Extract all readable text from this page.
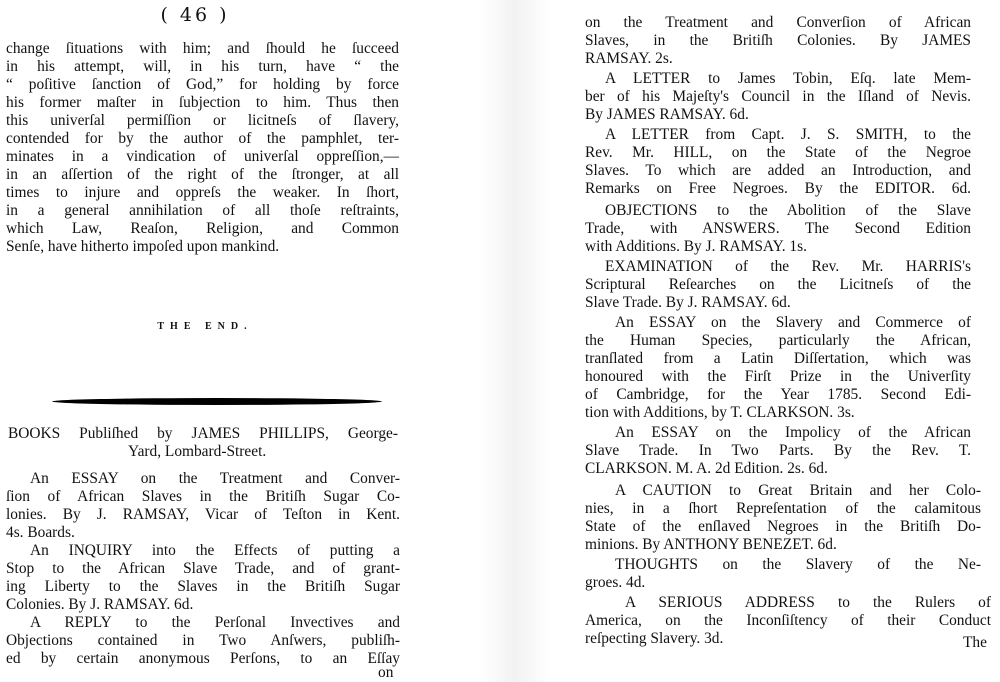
( 46 )
change ſituations with him; and ſhould he ſucceed
in his attempt, will, in his turn, have “ the
“ poſitive ſanction of God,” for holding by force
his former maſter in ſubjection to him. Thus then
this univerſal permiſſion or licitneſs of ſlavery,
contended for by the author of the pamphlet, ter-
minates in a vindication of univerſal oppreſſion,—
in an aſſertion of the right of the ſtronger, at all
times to injure and oppreſs the weaker. In ſhort,
in a general annihilation of all thoſe reſtraints,
which Law, Reaſon, Religion, and Common
Senſe, have hitherto impoſed upon mankind.
THE END.
BOOKS Publiſhed by JAMES PHILLIPS, George-
Yard, Lombard-Street.
An ESSAY on the Treatment and Conver-
ſion of African Slaves in the Britiſh Sugar Co-
lonies. By J. RAMSAY, Vicar of Teſton in Kent.
4s. Boards.
An INQUIRY into the Effects of putting a
Stop to the African Slave Trade, and of grant-
ing Liberty to the Slaves in the Britiſh Sugar
Colonies. By J. RAMSAY. 6d.
A REPLY to the Perſonal Invectives and
Objections contained in Two Anſwers, publiſh-
ed by certain anonymous Perſons, to an Eſſay
on
on the Treatment and Converſion of African
Slaves, in the Britiſh Colonies. By JAMES
RAMSAY. 2s.
A LETTER to James Tobin, Eſq. late Mem-
ber of his Majeſty's Council in the Iſland of Nevis.
By JAMES RAMSAY. 6d.
A LETTER from Capt. J. S. SMITH, to the
Rev. Mr. HILL, on the State of the Negroe
Slaves. To which are added an Introduction, and
Remarks on Free Negroes. By the EDITOR. 6d.
OBJECTIONS to the Abolition of the Slave
Trade, with ANSWERS. The Second Edition
with Additions. By J. RAMSAY. 1s.
EXAMINATION of the Rev. Mr. HARRIS's
Scriptural Reſearches on the Licitneſs of the
Slave Trade. By J. RAMSAY. 6d.
An ESSAY on the Slavery and Commerce of
the Human Species, particularly the African,
tranſlated from a Latin Diſſertation, which was
honoured with the Firſt Prize in the Univerſity
of Cambridge, for the Year 1785. Second Edi-
tion with Additions, by T. CLARKSON. 3s.
An ESSAY on the Impolicy of the African
Slave Trade. In Two Parts. By the Rev. T.
CLARKSON. M. A. 2d Edition. 2s. 6d.
A CAUTION to Great Britain and her Colo-
nies, in a ſhort Repreſentation of the calamitous
State of the enſlaved Negroes in the Britiſh Do-
minions. By ANTHONY BENEZET. 6d.
THOUGHTS on the Slavery of the Ne-
groes. 4d.
A SERIOUS ADDRESS to the Rulers of
America, on the Inconſiſtency of their Conduct
reſpecting Slavery. 3d.	The
